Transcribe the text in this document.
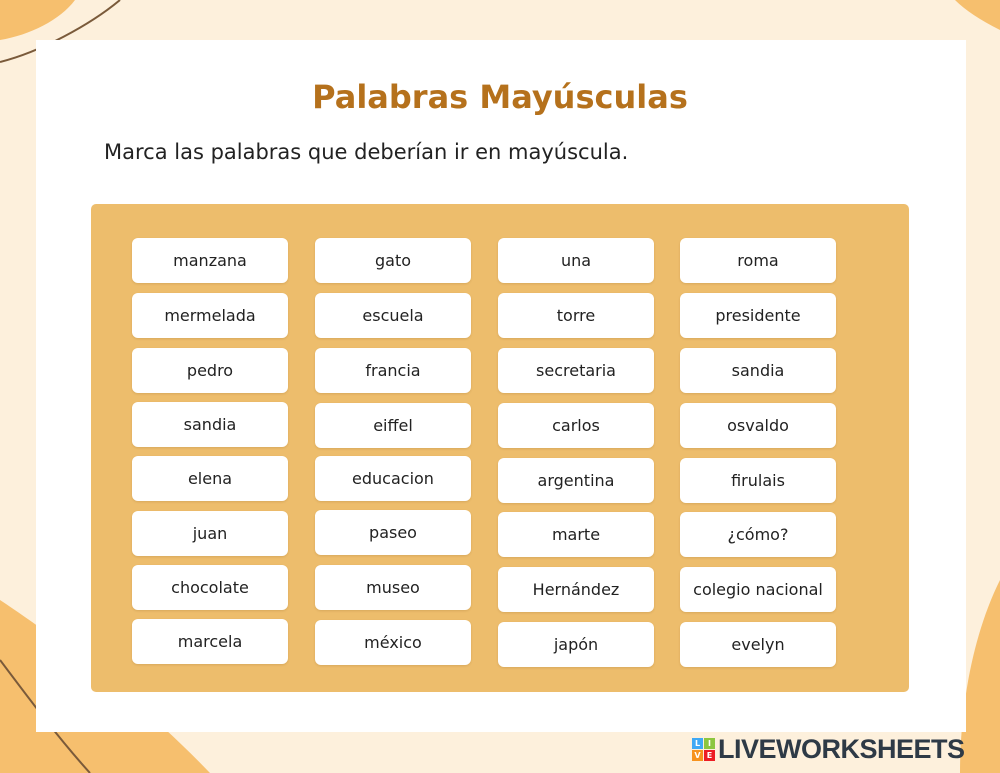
Palabras Mayúsculas
Marca las palabras que deberían ir en mayúscula.
manzana	gato	una	roma
mermelada	escuela	torre	presidente
pedro	francia	secretaria	sandia
sandia	eiffel	carlos	osvaldo
elena	educacion	argentina	firulais
juan	paseo	marte	¿cómo?
chocolate	museo	Hernández	colegio nacional
marcela	méxico	japón	evelyn
L I
V E LIVEWORKSHEETS
